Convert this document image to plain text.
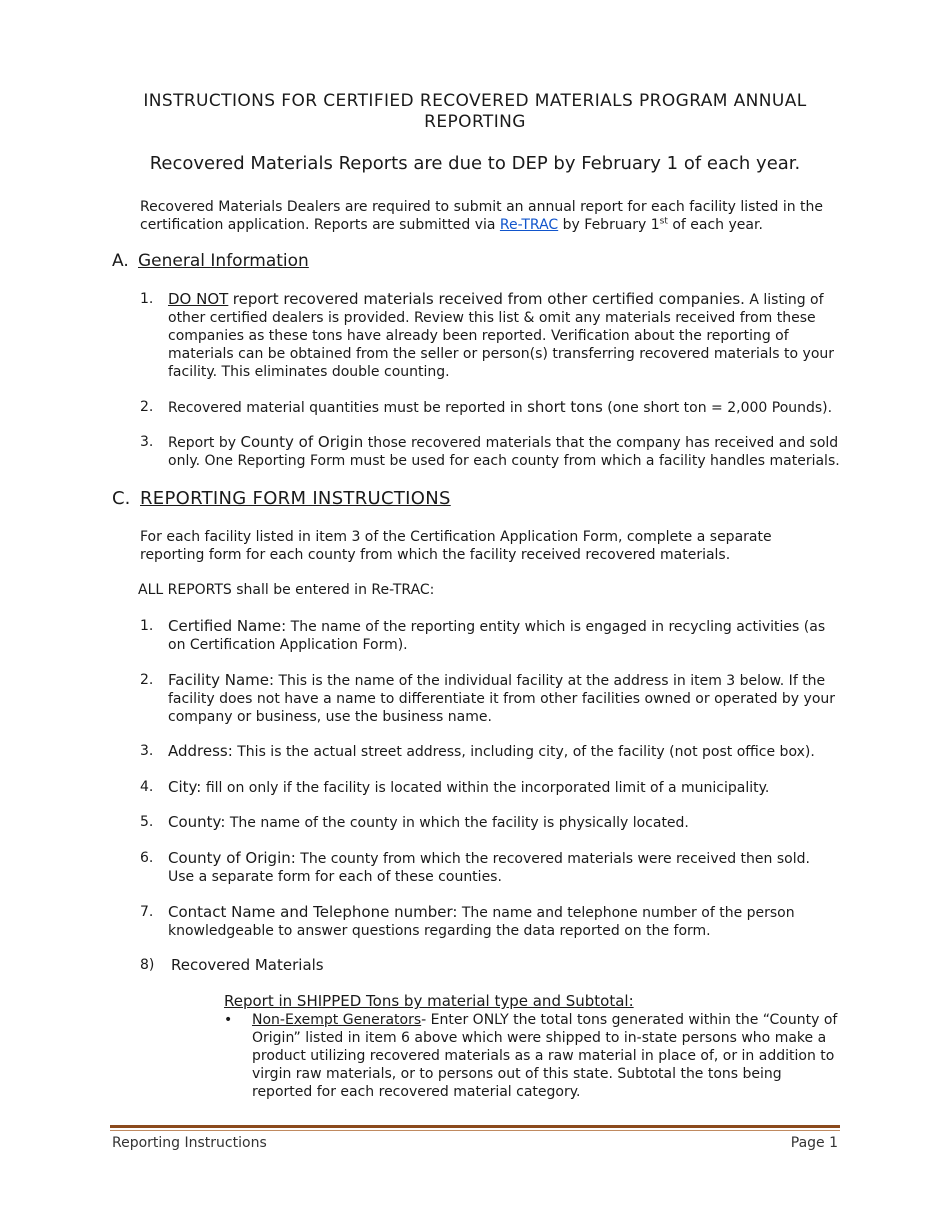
INSTRUCTIONS FOR CERTIFIED RECOVERED MATERIALS PROGRAM ANNUAL REPORTING
Recovered Materials Reports are due to DEP by February 1 of each year.
Recovered Materials Dealers are required to submit an annual report for each facility listed in the certification application. Reports are submitted via Re-TRAC by February 1st of each year.
A. General Information
1. DO NOT report recovered materials received from other certified companies. A listing of other certified dealers is provided. Review this list & omit any materials received from these companies as these tons have already been reported. Verification about the reporting of materials can be obtained from the seller or person(s) transferring recovered materials to your facility. This eliminates double counting.
2. Recovered material quantities must be reported in short tons (one short ton = 2,000 Pounds).
3. Report by County of Origin those recovered materials that the company has received and sold only. One Reporting Form must be used for each county from which a facility handles materials.
C. REPORTING FORM INSTRUCTIONS
For each facility listed in item 3 of the Certification Application Form, complete a separate reporting form for each county from which the facility received recovered materials.
ALL REPORTS shall be entered in Re-TRAC:
1. Certified Name: The name of the reporting entity which is engaged in recycling activities (as on Certification Application Form).
2. Facility Name: This is the name of the individual facility at the address in item 3 below. If the facility does not have a name to differentiate it from other facilities owned or operated by your company or business, use the business name.
3. Address: This is the actual street address, including city, of the facility (not post office box).
4. City: fill on only if the facility is located within the incorporated limit of a municipality.
5. County: The name of the county in which the facility is physically located.
6. County of Origin: The county from which the recovered materials were received then sold. Use a separate form for each of these counties.
7. Contact Name and Telephone number: The name and telephone number of the person knowledgeable to answer questions regarding the data reported on the form.
8) Recovered Materials
Report in SHIPPED Tons by material type and Subtotal:
• Non-Exempt Generators- Enter ONLY the total tons generated within the “County of Origin” listed in item 6 above which were shipped to in-state persons who make a product utilizing recovered materials as a raw material in place of, or in addition to virgin raw materials, or to persons out of this state. Subtotal the tons being reported for each recovered material category.
Reporting Instructions	Page 1
